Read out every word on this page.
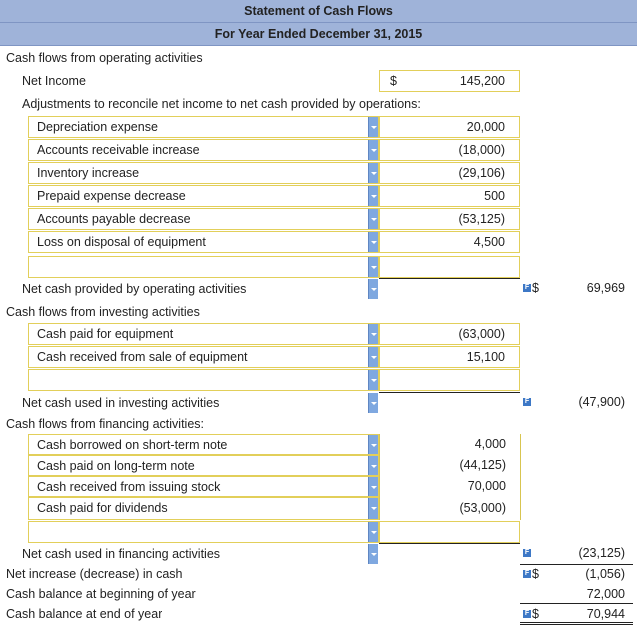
Statement of Cash Flows
For Year Ended December 31, 2015
Cash flows from operating activities
Net Income	$	145,200
Adjustments to reconcile net income to net cash provided by operations:
Depreciation expense	20,000
Accounts receivable increase	(18,000)
Inventory increase	(29,106)
Prepaid expense decrease	500
Accounts payable decrease	(53,125)
Loss on disposal of equipment	4,500
Net cash provided by operating activities	F $	69,969
Cash flows from investing activities
Cash paid for equipment	(63,000)
Cash received from sale of equipment	15,100
Net cash used in investing activities	F	(47,900)
Cash flows from financing activities:
Cash borrowed on short-term note	4,000
Cash paid on long-term note	(44,125)
Cash received from issuing stock	70,000
Cash paid for dividends	(53,000)
Net cash used in financing activities	F	(23,125)
Net increase (decrease) in cash	F $	(1,056)
Cash balance at beginning of year	72,000
Cash balance at end of year	F $	70,944
